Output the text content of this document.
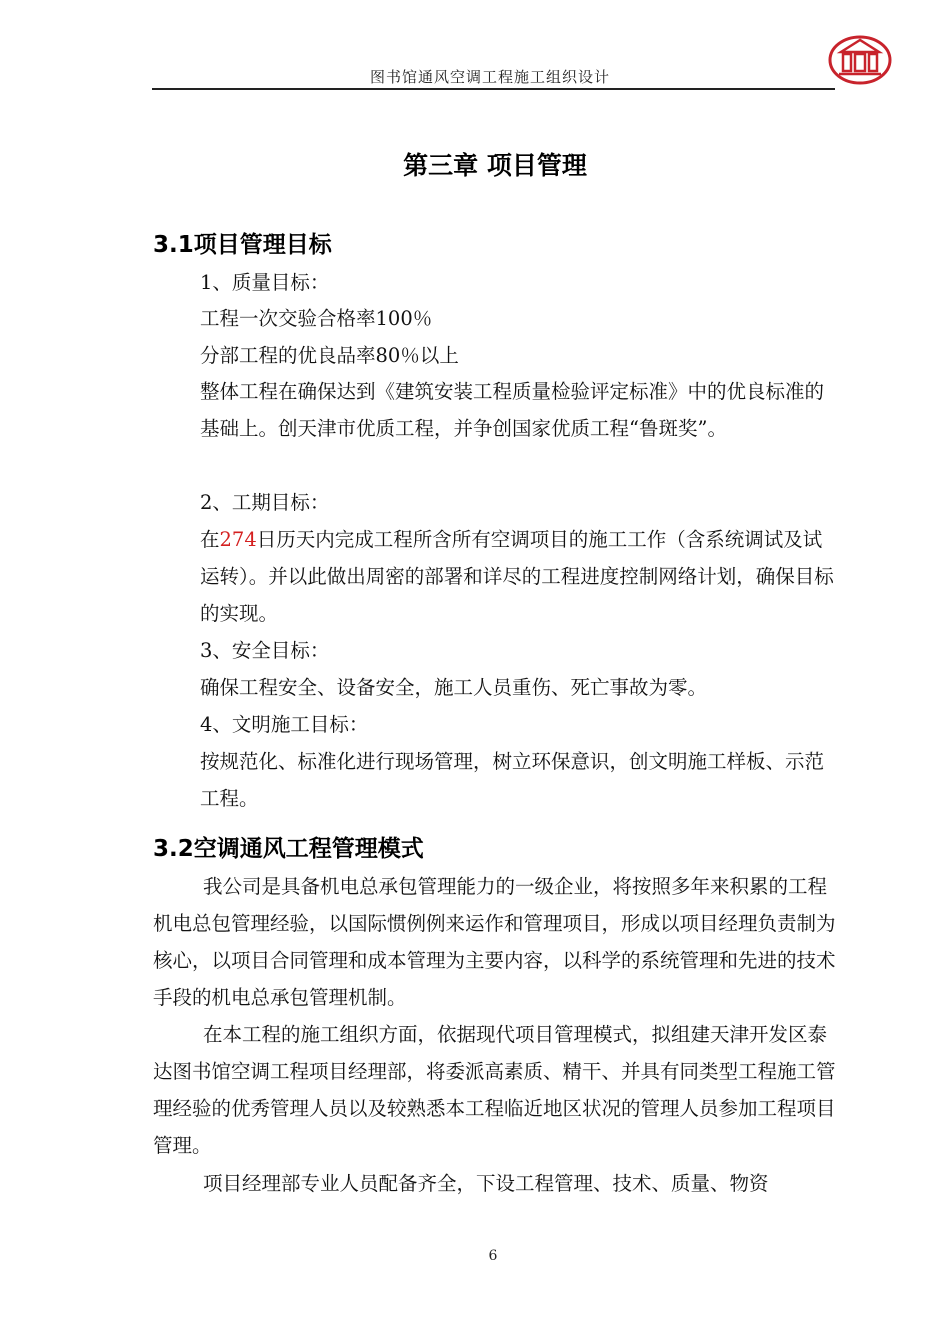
图书馆通风空调工程施工组织设计
第三章 项目管理
3.1项目管理目标

1、质量目标：

工程一次交验合格率100％

分部工程的优良品率80％以上

整体工程在确保达到《建筑安装工程质量检验评定标准》中的优良标准的基础上。创天津市优质工程，并争创国家优质工程“鲁斑奖”。

2、工期目标：

在274日历天内完成工程所含所有空调项目的施工工作（含系统调试及试运转）。并以此做出周密的部署和详尽的工程进度控制网络计划，确保目标的实现。

3、安全目标：

确保工程安全、设备安全，施工人员重伤、死亡事故为零。

4、文明施工目标：

按规范化、标准化进行现场管理，树立环保意识，创文明施工样板、示范工程。

3.2空调通风工程管理模式

我公司是具备机电总承包管理能力的一级企业，将按照多年来积累的工程机电总包管理经验，以国际惯例例来运作和管理项目，形成以项目经理负责制为核心，以项目合同管理和成本管理为主要内容，以科学的系统管理和先进的技术手段的机电总承包管理机制。

在本工程的施工组织方面，依据现代项目管理模式，拟组建天津开发区泰达图书馆空调工程项目经理部，将委派高素质、精干、并具有同类型工程施工管理经验的优秀管理人员以及较熟悉本工程临近地区状况的管理人员参加工程项目管理。

项目经理部专业人员配备齐全，下设工程管理、技术、质量、物资

6
